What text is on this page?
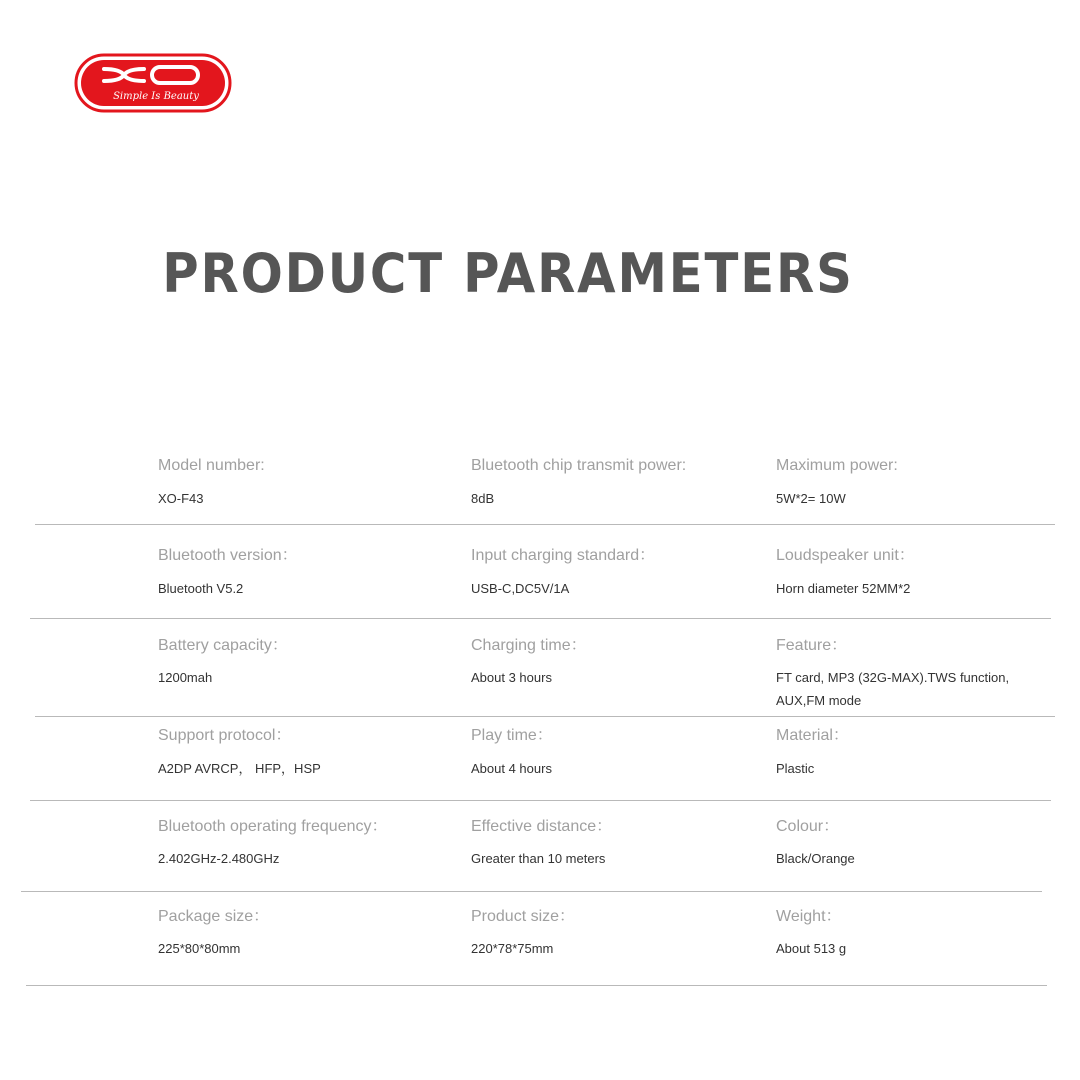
Simple Is Beauty
PRODUCT PARAMETERS
Model number:
XO-F43
Bluetooth chip transmit power:
8dB
Maximum power:
5W*2= 10W
Bluetooth version：
Bluetooth V5.2
Input charging standard：
USB-C,DC5V/1A
Loudspeaker unit：
Horn diameter 52MM*2
Battery capacity：
1200mah
Charging time：
About 3 hours
Feature：
FT card, MP3 (32G-MAX).TWS function,
AUX,FM mode
Support protocol：
A2DP AVRCP， HFP，HSP
Play time：
About 4 hours
Material：
Plastic
Bluetooth operating frequency：
2.402GHz-2.480GHz
Effective distance：
Greater than 10 meters
Colour：
Black/Orange
Package size：
225*80*80mm
Product size：
220*78*75mm
Weight：
About 513 g
